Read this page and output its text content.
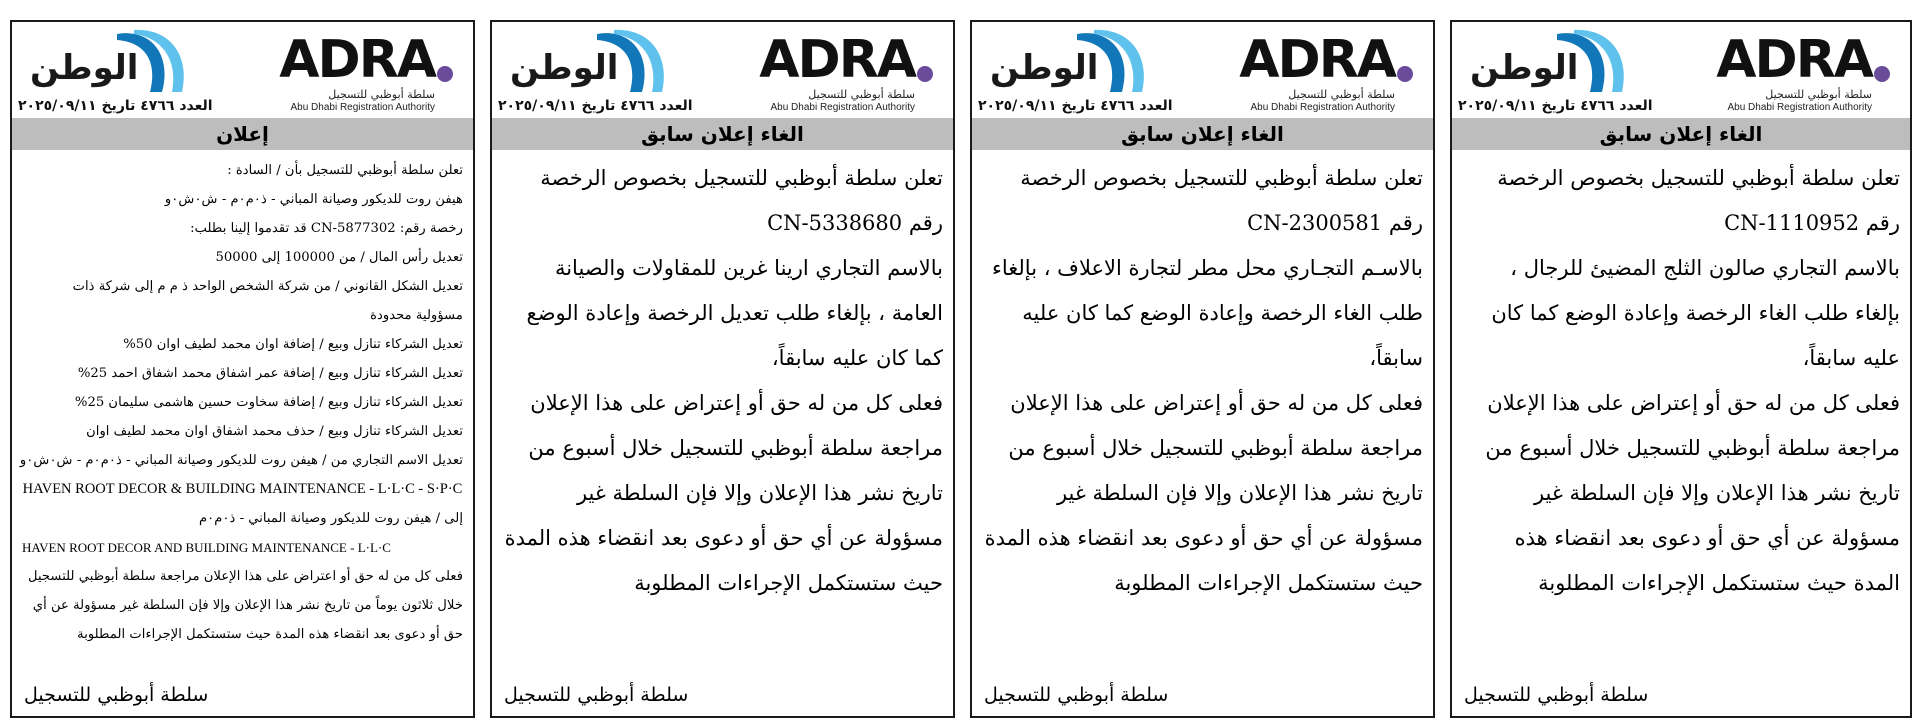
الوطن	ADRA
سلطة أبوظبي للتسجيل
Abu Dhabi Registration Authority
العدد ٤٧٦٦ تاريخ ٢٠٢٥/٠٩/١١
إعلان

تعلن سلطة أبوظبي للتسجيل بأن / السادة :

هيفن روت للديكور وصيانة المباني - ذ٠م٠م - ش٠ش٠و

رخصة رقم: CN-5877302 قد تقدموا إلينا بطلب:

تعديل رأس المال / من 100000 إلى 50000

تعديل الشكل القانوني / من شركة الشخص الواحد ذ م م إلى شركة ذات مسؤولية محدودة

تعديل الشركاء تنازل وبيع / إضافة اوان محمد لطيف اوان 50%

تعديل الشركاء تنازل وبيع / إضافة عمر اشفاق محمد اشفاق احمد 25%

تعديل الشركاء تنازل وبيع / إضافة سخاوت حسين هاشمى سليمان 25%

تعديل الشركاء تنازل وبيع / حذف محمد اشفاق اوان محمد لطيف اوان

تعديل الاسم التجاري من / هيفن روت للديكور وصيانة المباني - ذ٠م٠م - ش٠ش٠و

HAVEN ROOT DECOR & BUILDING MAINTENANCE - L·L·C - S·P·C

إلى / هيفن روت للديكور وصيانة المباني - ذ٠م٠م

HAVEN ROOT DECOR AND BUILDING MAINTENANCE - L·L·C

فعلى كل من له حق أو اعتراض على هذا الإعلان مراجعة سلطة أبوظبي للتسجيل خلال ثلاثون يوماً من تاريخ نشر هذا الإعلان وإلا فإن السلطة غير مسؤولة عن أي حق أو دعوى بعد انقضاء هذه المدة حيث ستستكمل الإجراءات المطلوبة

سلطة أبوظبي للتسجيل
الوطن	ADRA
سلطة أبوظبي للتسجيل
Abu Dhabi Registration Authority
العدد ٤٧٦٦ تاريخ ٢٠٢٥/٠٩/١١
الغاء إعلان سابق

تعلن سلطة أبوظبي للتسجيل بخصوص الرخصة رقم CN-5338680

بالاسم التجاري ارينا غرين للمقاولات والصيانة العامة ، بإلغاء طلب تعديل الرخصة وإعادة الوضع كما كان عليه سابقاً،

فعلى كل من له حق أو إعتراض على هذا الإعلان مراجعة سلطة أبوظبي للتسجيل خلال أسبوع من تاريخ نشر هذا الإعلان وإلا فإن السلطة غير مسؤولة عن أي حق أو دعوى بعد انقضاء هذه المدة حيث ستستكمل الإجراءات المطلوبة

سلطة أبوظبي للتسجيل
الوطن	ADRA
سلطة أبوظبي للتسجيل
Abu Dhabi Registration Authority
العدد ٤٧٦٦ تاريخ ٢٠٢٥/٠٩/١١
الغاء إعلان سابق

تعلن سلطة أبوظبي للتسجيل بخصوص الرخصة رقم CN-2300581

بالاسـم التجـاري محل مطر لتجارة الاعلاف ، بإلغاء طلب الغاء الرخصة وإعادة الوضع كما كان عليه سابقاً،

فعلى كل من له حق أو إعتراض على هذا الإعلان مراجعة سلطة أبوظبي للتسجيل خلال أسبوع من تاريخ نشر هذا الإعلان وإلا فإن السلطة غير مسؤولة عن أي حق أو دعوى بعد انقضاء هذه المدة حيث ستستكمل الإجراءات المطلوبة

سلطة أبوظبي للتسجيل
الوطن	ADRA
سلطة أبوظبي للتسجيل
Abu Dhabi Registration Authority
العدد ٤٧٦٦ تاريخ ٢٠٢٥/٠٩/١١
الغاء إعلان سابق

تعلن سلطة أبوظبي للتسجيل بخصوص الرخصة رقم CN-1110952

بالاسم التجاري صالون الثلج المضيئ للرجال ، بإلغاء طلب الغاء الرخصة وإعادة الوضع كما كان عليه سابقاً،

فعلى كل من له حق أو إعتراض على هذا الإعلان مراجعة سلطة أبوظبي للتسجيل خلال أسبوع من تاريخ نشر هذا الإعلان وإلا فإن السلطة غير مسؤولة عن أي حق أو دعوى بعد انقضاء هذه المدة حيث ستستكمل الإجراءات المطلوبة

سلطة أبوظبي للتسجيل
